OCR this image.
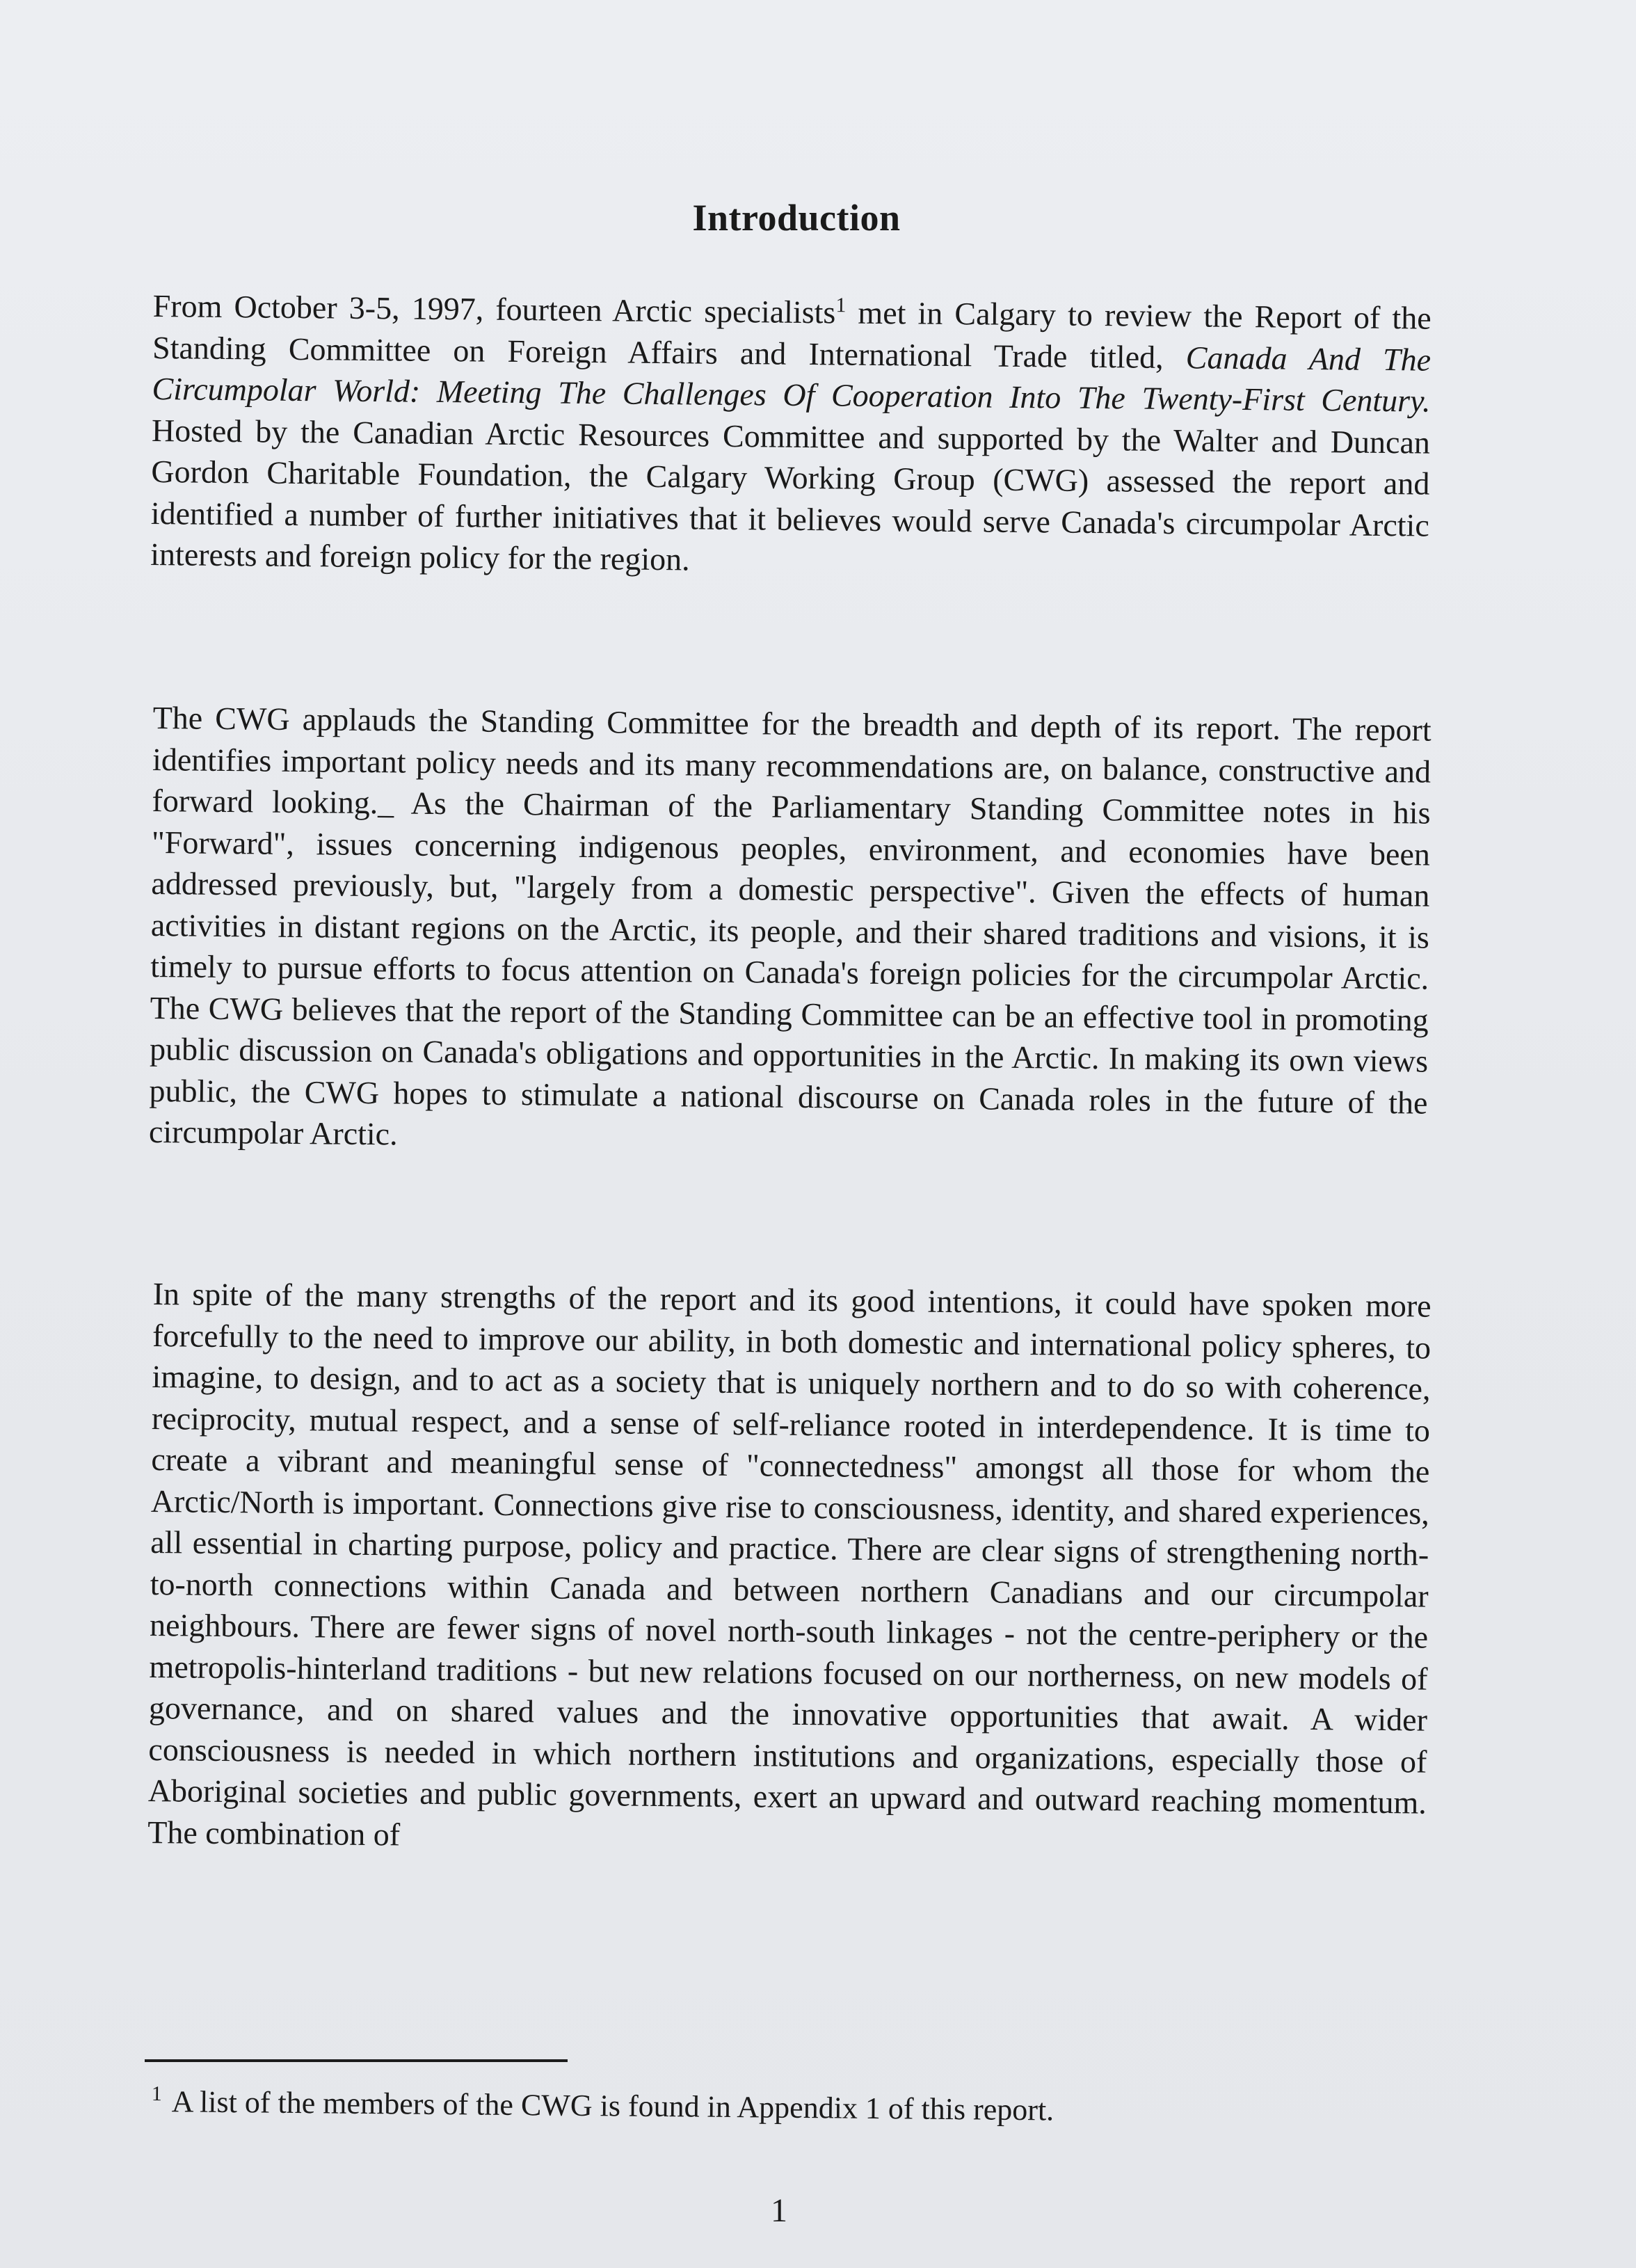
Introduction

From October 3-5, 1997, fourteen Arctic specialists$^1$ met in Calgary to review the Report of the Standing Committee on Foreign Affairs and International Trade titled, Canada And The Circumpolar World: Meeting The Challenges Of Cooperation Into The Twenty-First Century. Hosted by the Canadian Arctic Resources Committee and supported by the Walter and Duncan Gordon Charitable Foundation, the Calgary Working Group (CWG) assessed the report and identified a number of further initiatives that it believes would serve Canada's circumpolar Arctic interests and foreign policy for the region.

The CWG applauds the Standing Committee for the breadth and depth of its report. The report identifies important policy needs and its many recommendations are, on balance, constructive and forward looking._ As the Chairman of the Parliamentary Standing Committee notes in his "Forward", issues concerning indigenous peoples, environment, and economies have been addressed previously, but, "largely from a domestic perspective". Given the effects of human activities in distant regions on the Arctic, its people, and their shared traditions and visions, it is timely to pursue efforts to focus attention on Canada's foreign policies for the circumpolar Arctic. The CWG believes that the report of the Standing Committee can be an effective tool in promoting public discussion on Canada's obligations and opportunities in the Arctic. In making its own views public, the CWG hopes to stimulate a national discourse on Canada roles in the future of the circumpolar Arctic.

In spite of the many strengths of the report and its good intentions, it could have spoken more forcefully to the need to improve our ability, in both domestic and international policy spheres, to imagine, to design, and to act as a society that is uniquely northern and to do so with coherence, reciprocity, mutual respect, and a sense of self-reliance rooted in interdependence. It is time to create a vibrant and meaningful sense of "connectedness" amongst all those for whom the Arctic/North is important. Connections give rise to consciousness, identity, and shared experiences, all essential in charting purpose, policy and practice. There are clear signs of strengthening north-to-north connections within Canada and between northern Canadians and our circumpolar neighbours. There are fewer signs of novel north-south linkages - not the centre-periphery or the metropolis-hinterland traditions - but new relations focused on our northerness, on new models of governance, and on shared values and the innovative opportunities that await. A wider consciousness is needed in which northern institutions and organizations, especially those of Aboriginal societies and public governments, exert an upward and outward reaching momentum. The combination of

$^1$ A list of the members of the CWG is found in Appendix 1 of this report.
1
